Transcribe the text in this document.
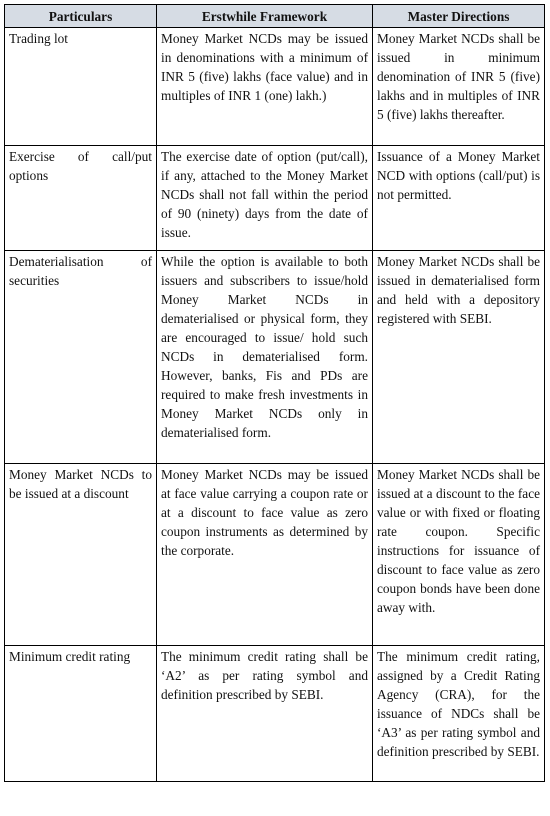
Particulars	Erstwhile Framework	Master Directions
Trading lot	Money Market NCDs may be issued in denominations with a minimum of INR 5 (five) lakhs (face value) and in multiples of INR 1 (one) lakh.)	Money Market NCDs shall be issued in minimum denomination of INR 5 (five) lakhs and in multiples of INR 5 (five) lakhs thereafter.
Exercise of call/put options	The exercise date of option (put/call), if any, attached to the Money Market NCDs shall not fall within the period of 90 (ninety) days from the date of issue.	Issuance of a Money Market NCD with options (call/put) is not permitted.
Dematerialisation of securities	While the option is available to both issuers and subscribers to issue/hold Money Market NCDs in dematerialised or physical form, they are encouraged to issue/ hold such NCDs in dematerialised form. However, banks, Fis and PDs are required to make fresh investments in Money Market NCDs only in dematerialised form.	Money Market NCDs shall be issued in dematerialised form and held with a depository registered with SEBI.
Money Market NCDs to be issued at a discount	Money Market NCDs may be issued at face value carrying a coupon rate or at a discount to face value as zero coupon instruments as determined by the corporate.	Money Market NCDs shall be issued at a discount to the face value or with fixed or floating rate coupon. Specific instructions for issuance of discount to face value as zero coupon bonds have been done away with.
Minimum credit rating	The minimum credit rating shall be ‘A2’ as per rating symbol and definition prescribed by SEBI.	The minimum credit rating, assigned by a Credit Rating Agency (CRA), for the issuance of NDCs shall be ‘A3’ as per rating symbol and definition prescribed by SEBI.
